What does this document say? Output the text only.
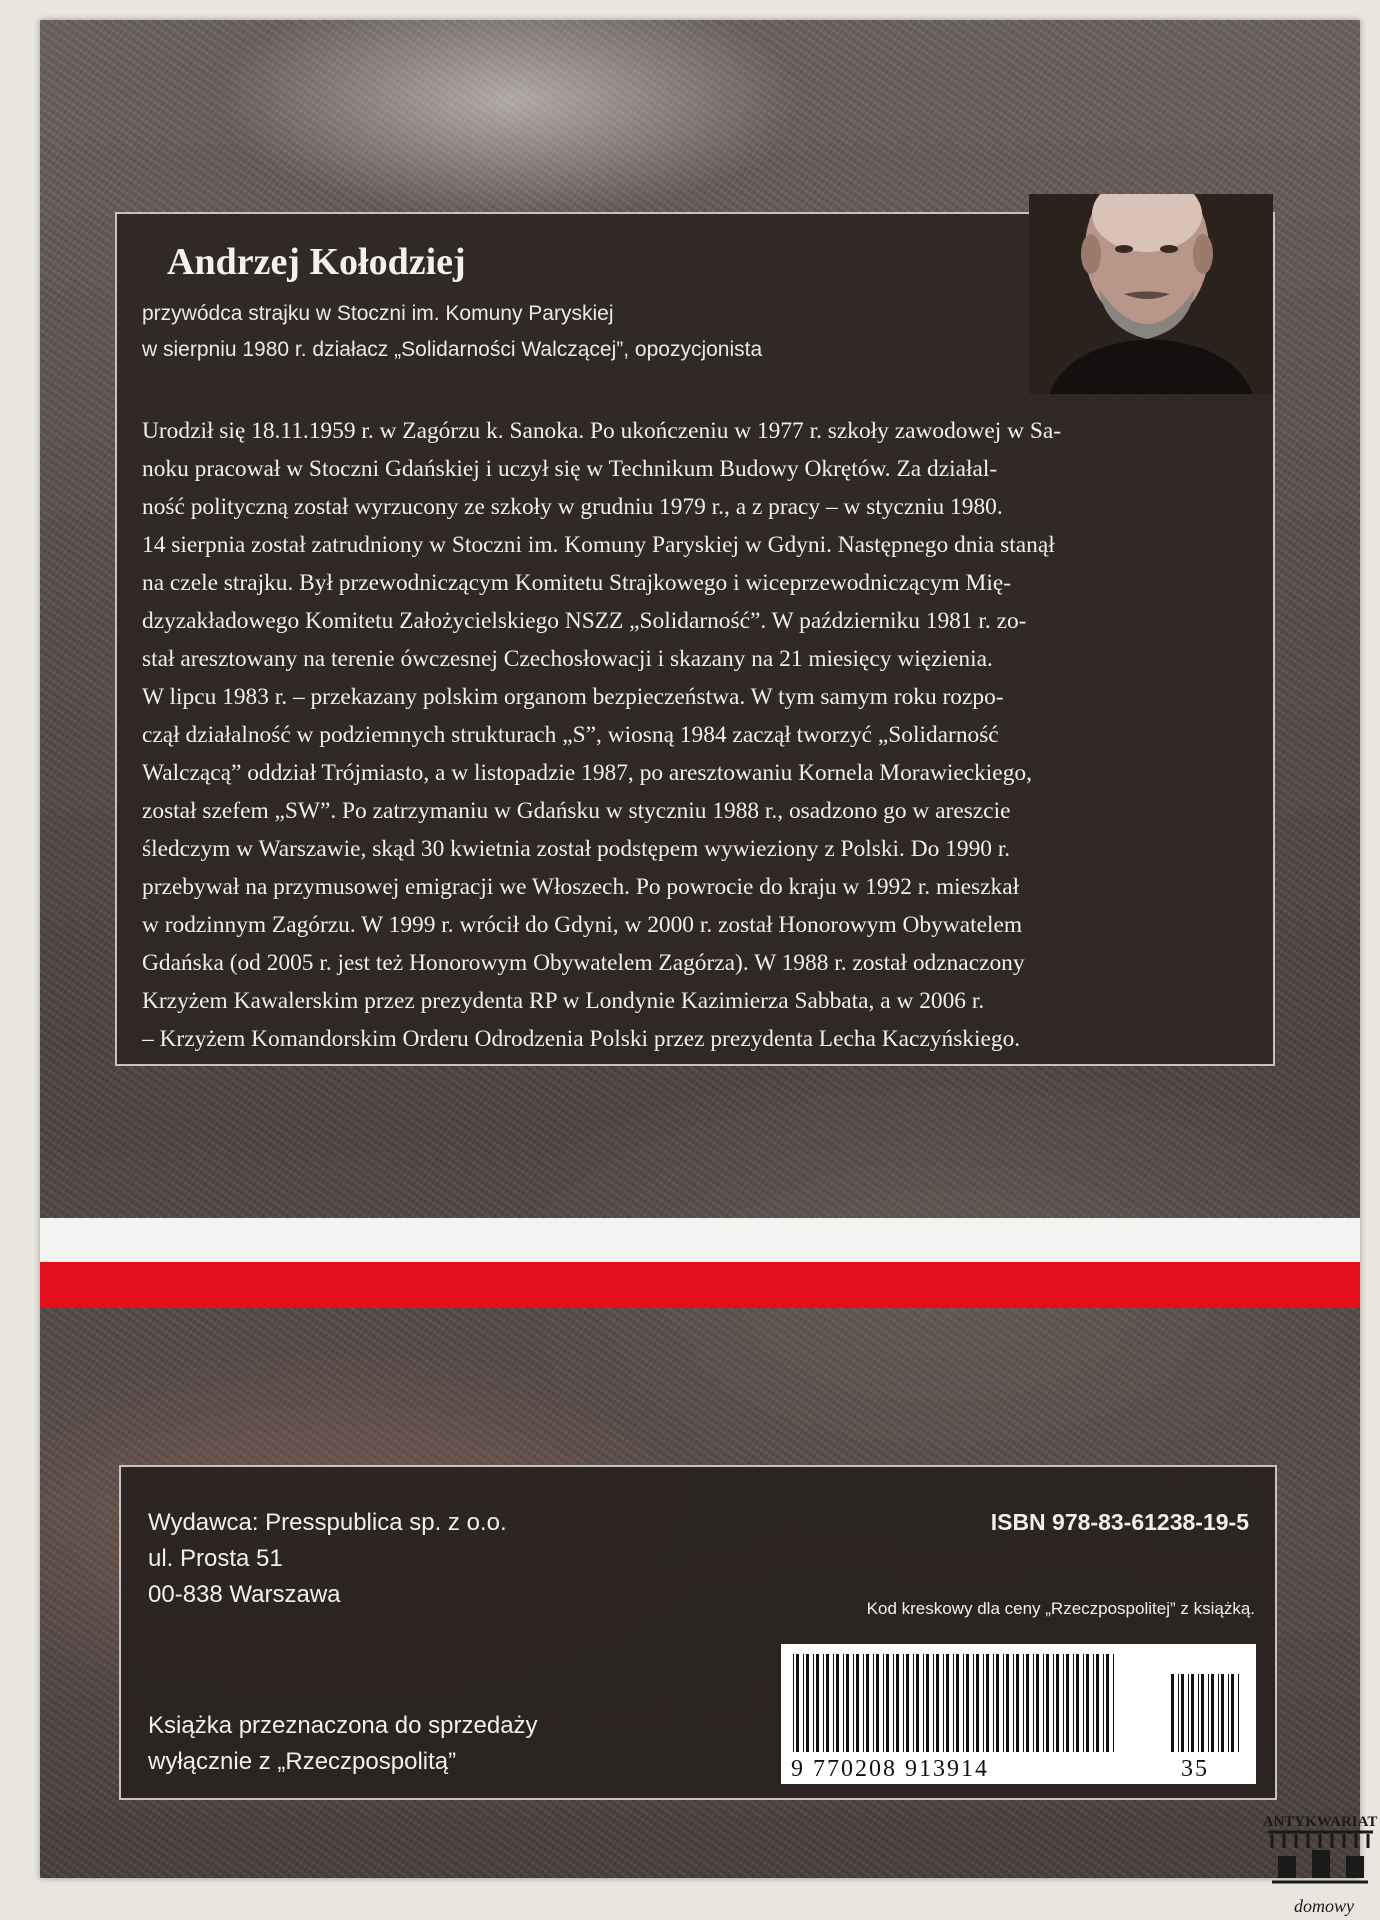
Andrzej Kołodziej
przywódca strajku w Stoczni im. Komuny Paryskiej
w sierpniu 1980 r. działacz „Solidarności Walczącej”, opozycjonista
Urodził się 18.11.1959 r. w Zagórzu k. Sanoka. Po ukończeniu w 1977 r. szkoły zawodowej w Sa-
noku pracował w Stoczni Gdańskiej i uczył się w Technikum Budowy Okrętów. Za działal-
ność polityczną został wyrzucony ze szkoły w grudniu 1979 r., a z pracy – w styczniu 1980.
14 sierpnia został zatrudniony w Stoczni im. Komuny Paryskiej w Gdyni. Następnego dnia stanął
na czele strajku. Był przewodniczącym Komitetu Strajkowego i wiceprzewodniczącym Mię-
dzyzakładowego Komitetu Założycielskiego NSZZ „Solidarność”. W październiku 1981 r. zo-
stał aresztowany na terenie ówczesnej Czechosłowacji i skazany na 21 miesięcy więzienia.
W lipcu 1983 r. – przekazany polskim organom bezpieczeństwa. W tym samym roku rozpo-
czął działalność w podziemnych strukturach „S”, wiosną 1984 zaczął tworzyć „Solidarność
Walczącą” oddział Trójmiasto, a w listopadzie 1987, po aresztowaniu Kornela Morawieckiego,
został szefem „SW”. Po zatrzymaniu w Gdańsku w styczniu 1988 r., osadzono go w areszcie
śledczym w Warszawie, skąd 30 kwietnia został podstępem wywieziony z Polski. Do 1990 r.
przebywał na przymusowej emigracji we Włoszech. Po powrocie do kraju w 1992 r. mieszkał
w rodzinnym Zagórzu. W 1999 r. wrócił do Gdyni, w 2000 r. został Honorowym Obywatelem
Gdańska (od 2005 r. jest też Honorowym Obywatelem Zagórza). W 1988 r. został odznaczony
Krzyżem Kawalerskim przez prezydenta RP w Londynie Kazimierza Sabbata, a w 2006 r.
– Krzyżem Komandorskim Orderu Odrodzenia Polski przez prezydenta Lecha Kaczyńskiego.
Wydawca: Presspublica sp. z o.o.
ul. Prosta 51
00-838 Warszawa
Książka przeznaczona do sprzedaży
wyłącznie z „Rzeczpospolitą”
ISBN 978-83-61238-19-5
Kod kreskowy dla ceny „Rzeczpospolitej” z książką.
9 770208 913914	35
ANTYKWARIAT
domowy
